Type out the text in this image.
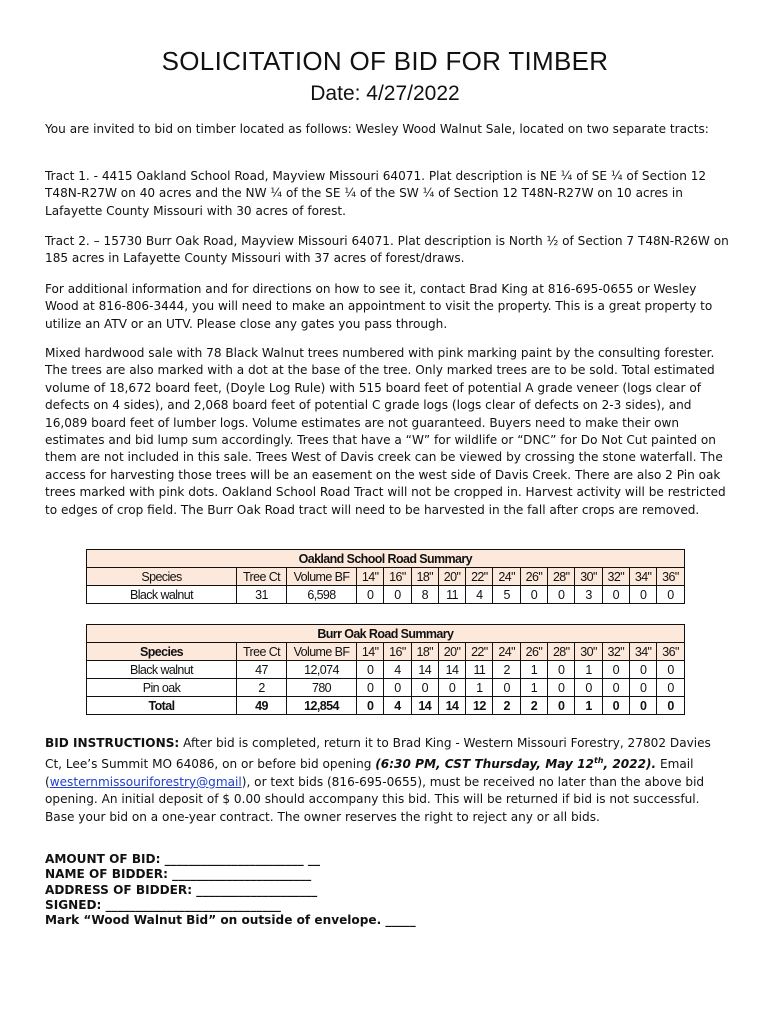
SOLICITATION OF BID FOR TIMBER
Date: 4/27/2022

You are invited to bid on timber located as follows: Wesley Wood Walnut Sale, located on two separate tracts:

Tract 1. - 4415 Oakland School Road, Mayview Missouri 64071. Plat description is NE ¼ of SE ¼ of Section 12 T48N-R27W on 40 acres and the NW ¼ of the SE ¼ of the SW ¼ of Section 12 T48N-R27W on 10 acres in Lafayette County Missouri with 30 acres of forest.

Tract 2. – 15730 Burr Oak Road, Mayview Missouri 64071. Plat description is North ½ of Section 7 T48N-R26W on 185 acres in Lafayette County Missouri with 37 acres of forest/draws.

For additional information and for directions on how to see it, contact Brad King at 816-695-0655 or Wesley Wood at 816-806-3444, you will need to make an appointment to visit the property. This is a great property to utilize an ATV or an UTV. Please close any gates you pass through.

Mixed hardwood sale with 78 Black Walnut trees numbered with pink marking paint by the consulting forester. The trees are also marked with a dot at the base of the tree. Only marked trees are to be sold. Total estimated volume of 18,672 board feet, (Doyle Log Rule) with 515 board feet of potential A grade veneer (logs clear of defects on 4 sides), and 2,068 board feet of potential C grade logs (logs clear of defects on 2-3 sides), and 16,089 board feet of lumber logs. Volume estimates are not guaranteed. Buyers need to make their own estimates and bid lump sum accordingly. Trees that have a “W” for wildlife or “DNC” for Do Not Cut painted on them are not included in this sale. Trees West of Davis creek can be viewed by crossing the stone waterfall. The access for harvesting those trees will be an easement on the west side of Davis Creek. There are also 2 Pin oak trees marked with pink dots. Oakland School Road Tract will not be cropped in. Harvest activity will be restricted to edges of crop field. The Burr Oak Road tract will need to be harvested in the fall after crops are removed.

Oakland School Road Summary														
Species	Tree Ct	Volume BF	14"	16"	18"	20"	22"	24"	26"	28"	30"	32"	34"	36"
Black walnut	31	6,598	0	0	8	11	4	5	0	0	3	0	0	0
Burr Oak Road Summary														
Species	Tree Ct	Volume BF	14"	16"	18"	20"	22"	24"	26"	28"	30"	32"	34"	36"
Black walnut	47	12,074	0	4	14	14	11	2	1	0	1	0	0	0
Pin oak	2	780	0	0	0	0	1	0	1	0	0	0	0	0
Total	49	12,854	0	4	14	14	12	2	2	0	1	0	0	0

BID INSTRUCTIONS: After bid is completed, return it to Brad King - Western Missouri Forestry, 27802 Davies Ct, Lee’s Summit MO 64086, on or before bid opening (6:30 PM, CST Thursday, May 12th, 2022). Email (westernmissouriforestry@gmail), or text bids (816-695-0655), must be received no later than the above bid opening. An initial deposit of $ 0.00 should accompany this bid. This will be returned if bid is not successful. Base your bid on a one-year contract. The owner reserves the right to reject any or all bids.

AMOUNT OF BID: _______________________ __
NAME OF BIDDER: _______________________
ADDRESS OF BIDDER: ____________________
SIGNED: _____________________________
Mark “Wood Walnut Bid” on outside of envelope. _____
